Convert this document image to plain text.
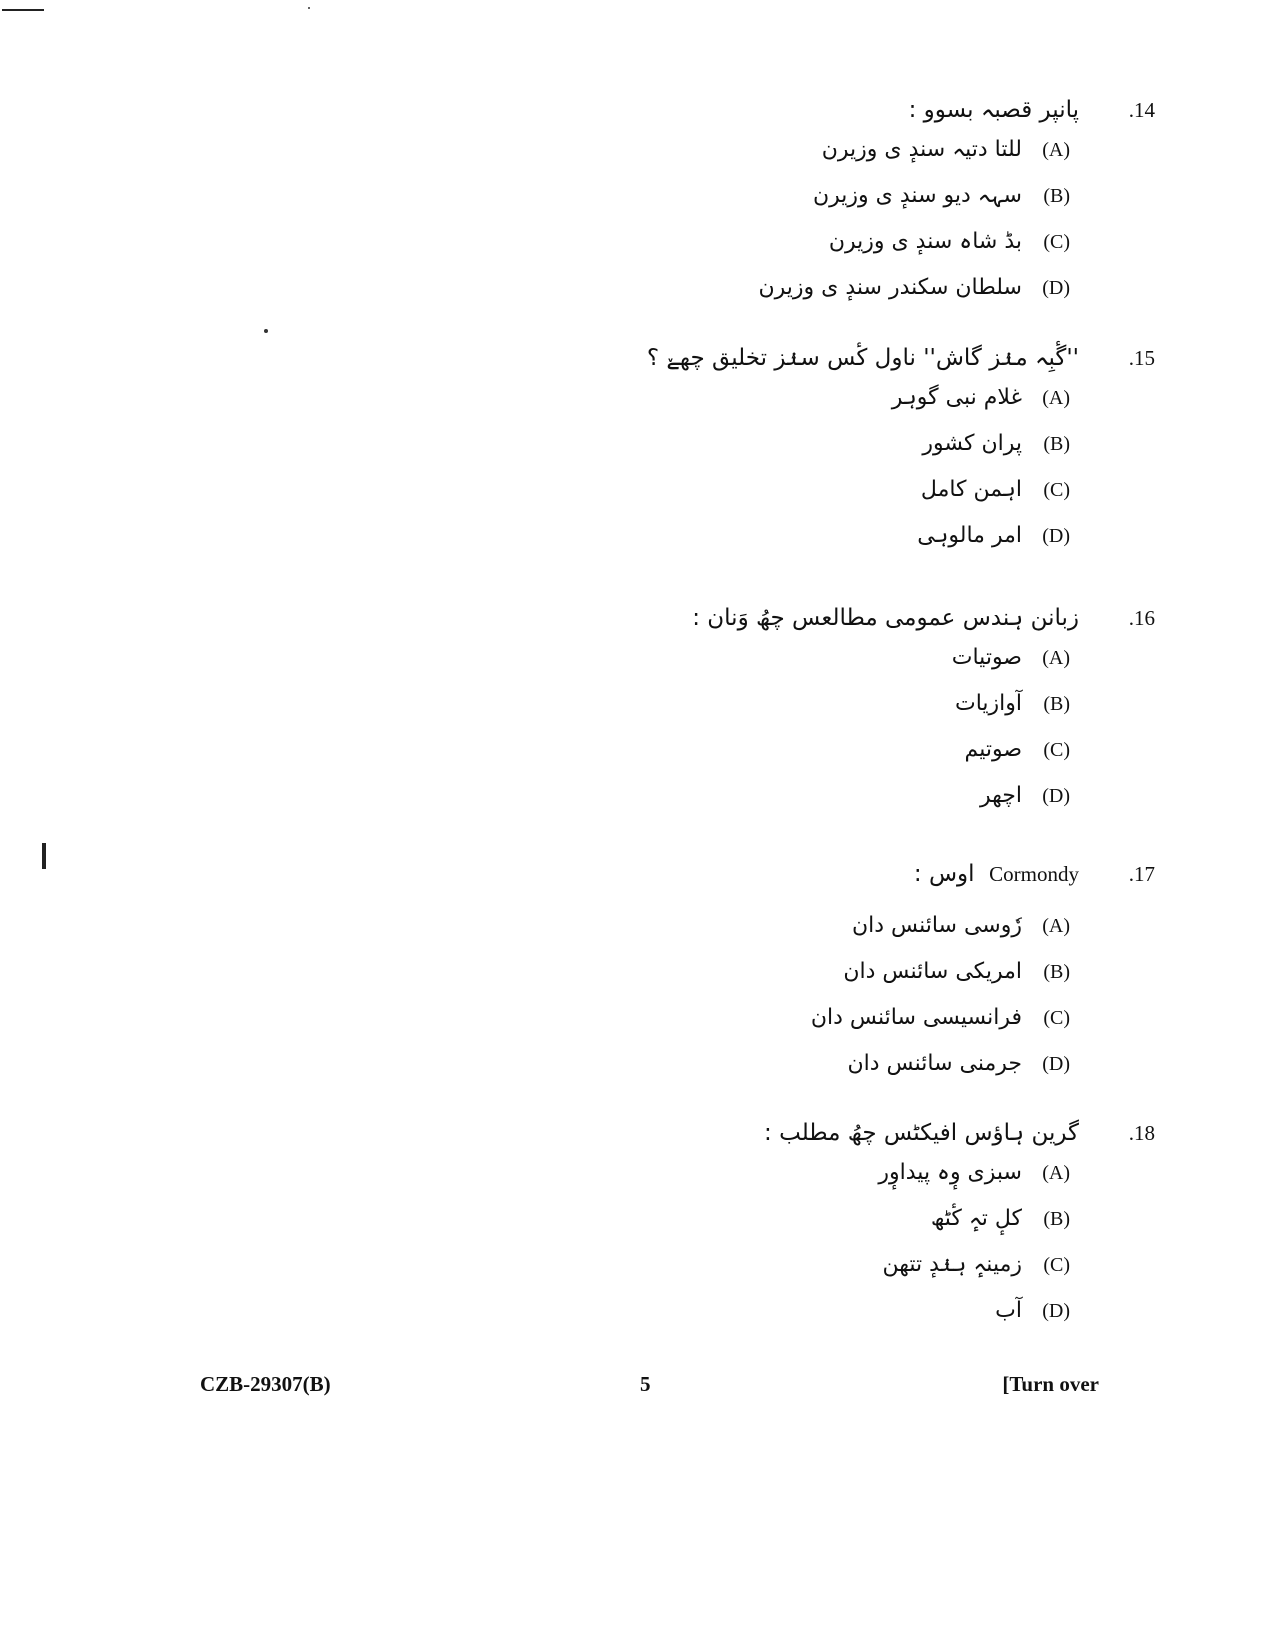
.14
پانپر قصبہ بسوو :
(A)
للتا دتیہ سندٕ ی وزیرن
(B)
سہہ دیو سندٕ ی وزیرن
(C)
بڈ شاہ سندٕ ی وزیرن
(D)
سلطان سکندر سندٕ ی وزیرن
.15
''گٔبِہ منٛز گاش'' ناول کٔس سنٛز تخلیق چھےٚ ؟
(A)
غلام نبی گوہر
(B)
پران کشور
(C)
اہمن کامل
(D)
امر مالوہی
.16
زبانن ہندس عمومی مطالعس چھُ وَنان :
(A)
صوتیات
(B)
آوازیات
(C)
صوتیم
(D)
اچھر
.17
Cormondy  اوس :
(A)
رٗوسی سائنس دان
(B)
امریکی سائنس دان
(C)
فرانسیسی سائنس دان
(D)
جرمنی سائنس دان
.18
گرین ہاؤس افیکٹس چھُ مطلب :
(A)
سبزی وٕہ پیداوٕر
(B)
کلٕ تہٕ کٔٹھ
(C)
زمینہٕ ہنٛدٕ تتھن
(D)
آب
CZB-29307(B)	5	[Turn over
